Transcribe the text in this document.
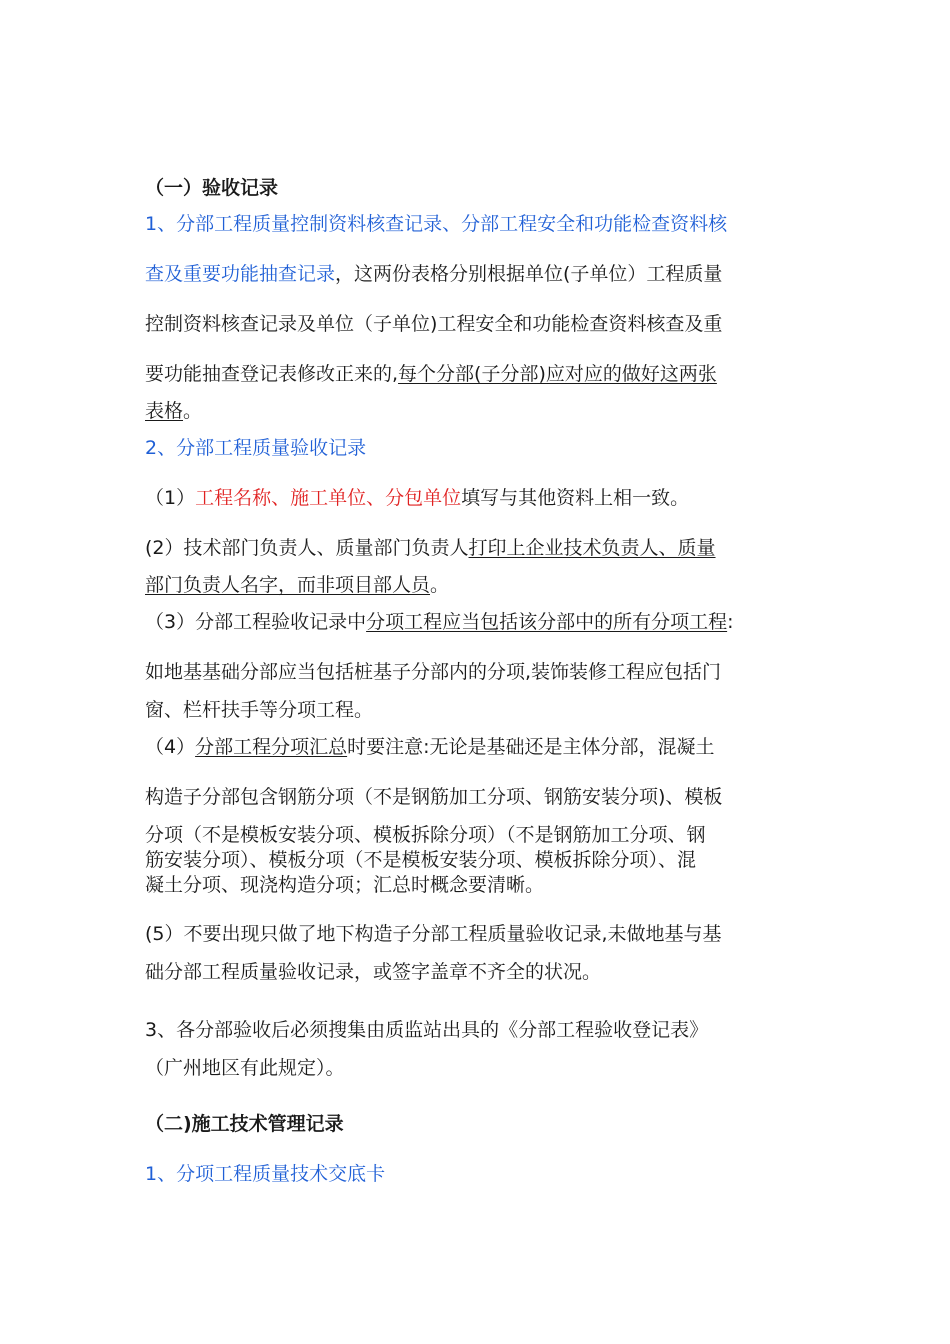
（一）验收记录
1、分部工程质量控制资料核查记录、分部工程安全和功能检查资料核
查及重要功能抽查记录，这两份表格分别根据单位(子单位）工程质量
控制资料核查记录及单位（子单位)工程安全和功能检查资料核查及重
要功能抽查登记表修改正来的,每个分部(子分部)应对应的做好这两张
表格。
2、分部工程质量验收记录
（1）工程名称、施工单位、分包单位填写与其他资料上相一致。
(2）技术部门负责人、质量部门负责人打印上企业技术负责人、质量
部门负责人名字，而非项目部人员。
（3）分部工程验收记录中分项工程应当包括该分部中的所有分项工程:
如地基基础分部应当包括桩基子分部内的分项,装饰装修工程应包括门
窗、栏杆扶手等分项工程。
（4）分部工程分项汇总时要注意:无论是基础还是主体分部，混凝土
构造子分部包含钢筋分项（不是钢筋加工分项、钢筋安装分项)、模板
分项（不是模板安装分项、模板拆除分项）（不是钢筋加工分项、钢
筋安装分项）、模板分项（不是模板安装分项、模板拆除分项）、混
凝土分项、现浇构造分项；汇总时概念要清晰。
(5）不要出现只做了地下构造子分部工程质量验收记录,未做地基与基
础分部工程质量验收记录，或签字盖章不齐全的状况。
3、各分部验收后必须搜集由质监站出具的《分部工程验收登记表》
（广州地区有此规定）。
（二)施工技术管理记录
1、分项工程质量技术交底卡
